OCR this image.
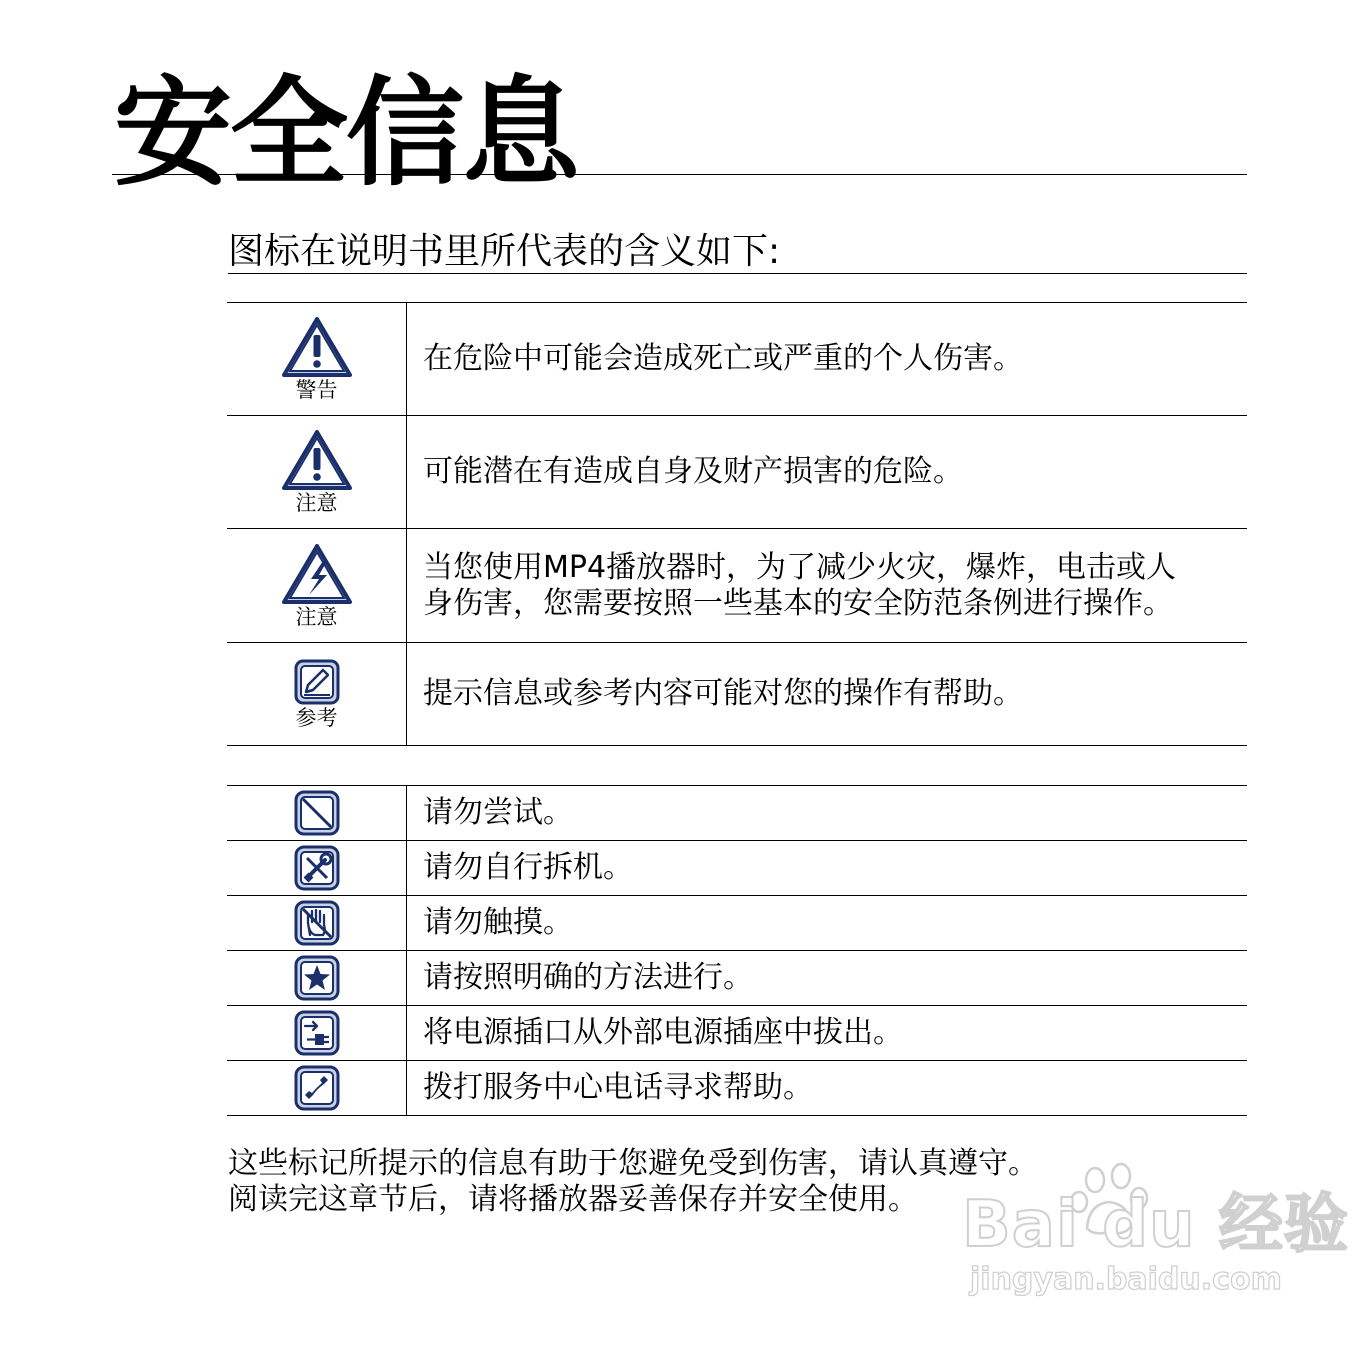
安全信息
图标在说明书里所代表的含义如下:
警告	在危险中可能会造成死亡或严重的个人伤害。

注意	可能潜在有造成自身及财产损害的危险。

注意	当您使用MP4播放器时，为了减少火灾，爆炸，电击或人
身伤害，您需要按照一些基本的安全防范条例进行操作。

参考	提示信息或参考内容可能对您的操作有帮助。
	请勿尝试。

	请勿自行拆机。

	请勿触摸。

	请按照明确的方法进行。

	将电源插口从外部电源插座中拔出。

	拨打服务中心电话寻求帮助。
这些标记所提示的信息有助于您避免受到伤害，请认真遵守。
阅读完这章节后，请将播放器妥善保存并安全使用。 Bai du 经验
jingyan.baidu.com
